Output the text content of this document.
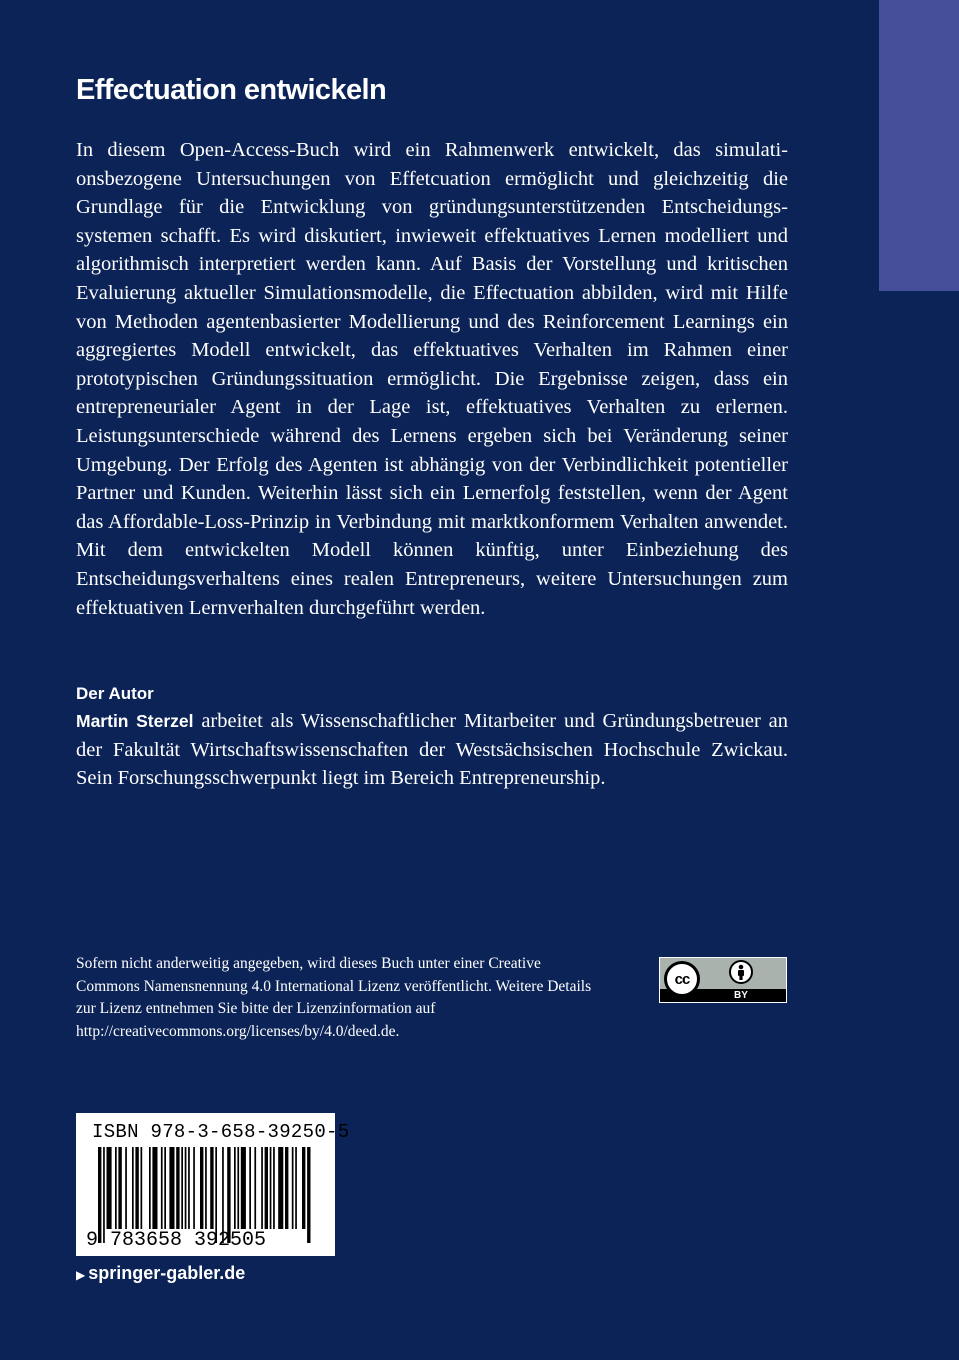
Effectuation entwickeln

In diesem Open-Access-Buch wird ein Rahmenwerk entwickelt, das simulationsbezogene Untersuchungen von Effetcuation ermöglicht und gleichzeitig die Grundlage für die Entwicklung von gründungsunterstützenden Entscheidungssystemen schafft. Es wird diskutiert, inwieweit effektuatives Lernen modelliert und algorithmisch interpretiert werden kann. Auf Basis der Vorstellung und kritischen Evaluierung aktueller Simulationsmodelle, die Effectuation abbilden, wird mit Hilfe von Methoden agentenbasierter Modellierung und des Reinforcement Learnings ein aggregiertes Modell entwickelt, das effektuatives Verhalten im Rahmen einer prototypischen Gründungssituation ermöglicht. Die Ergebnisse zeigen, dass ein entrepreneurialer Agent in der Lage ist, effektuatives Verhalten zu erlernen. Leistungsunterschiede während des Lernens ergeben sich bei Veränderung seiner Umgebung. Der Erfolg des Agenten ist abhängig von der Verbindlichkeit potentieller Partner und Kunden. Weiterhin lässt sich ein Lernerfolg feststellen, wenn der Agent das Affordable-Loss-Prinzip in Verbindung mit marktkonformem Verhalten anwendet. Mit dem entwickelten Modell können künftig, unter Einbeziehung des Entscheidungsverhaltens eines realen Entrepreneurs, weitere Untersuchungen zum effektuativen Lernverhalten durchgeführt werden.

Der Autor

Martin Sterzel arbeitet als Wissenschaftlicher Mitarbeiter und Gründungsbetreuer an der Fakultät Wirtschaftswissenschaften der Westsächsischen Hochschule Zwickau. Sein Forschungsschwerpunkt liegt im Bereich Entrepreneurship.

Sofern nicht anderweitig angegeben, wird dieses Buch unter einer Creative Commons Namensnennung 4.0 International Lizenz veröffentlicht. Weitere Details zur Lizenz entnehmen Sie bitte der Lizenzinformation auf http://creativecommons.org/licenses/by/4.0/deed.de.

cc
BY
ISBN 978-3-658-39250-5
9 783658 392505
▶ springer-gabler.de
